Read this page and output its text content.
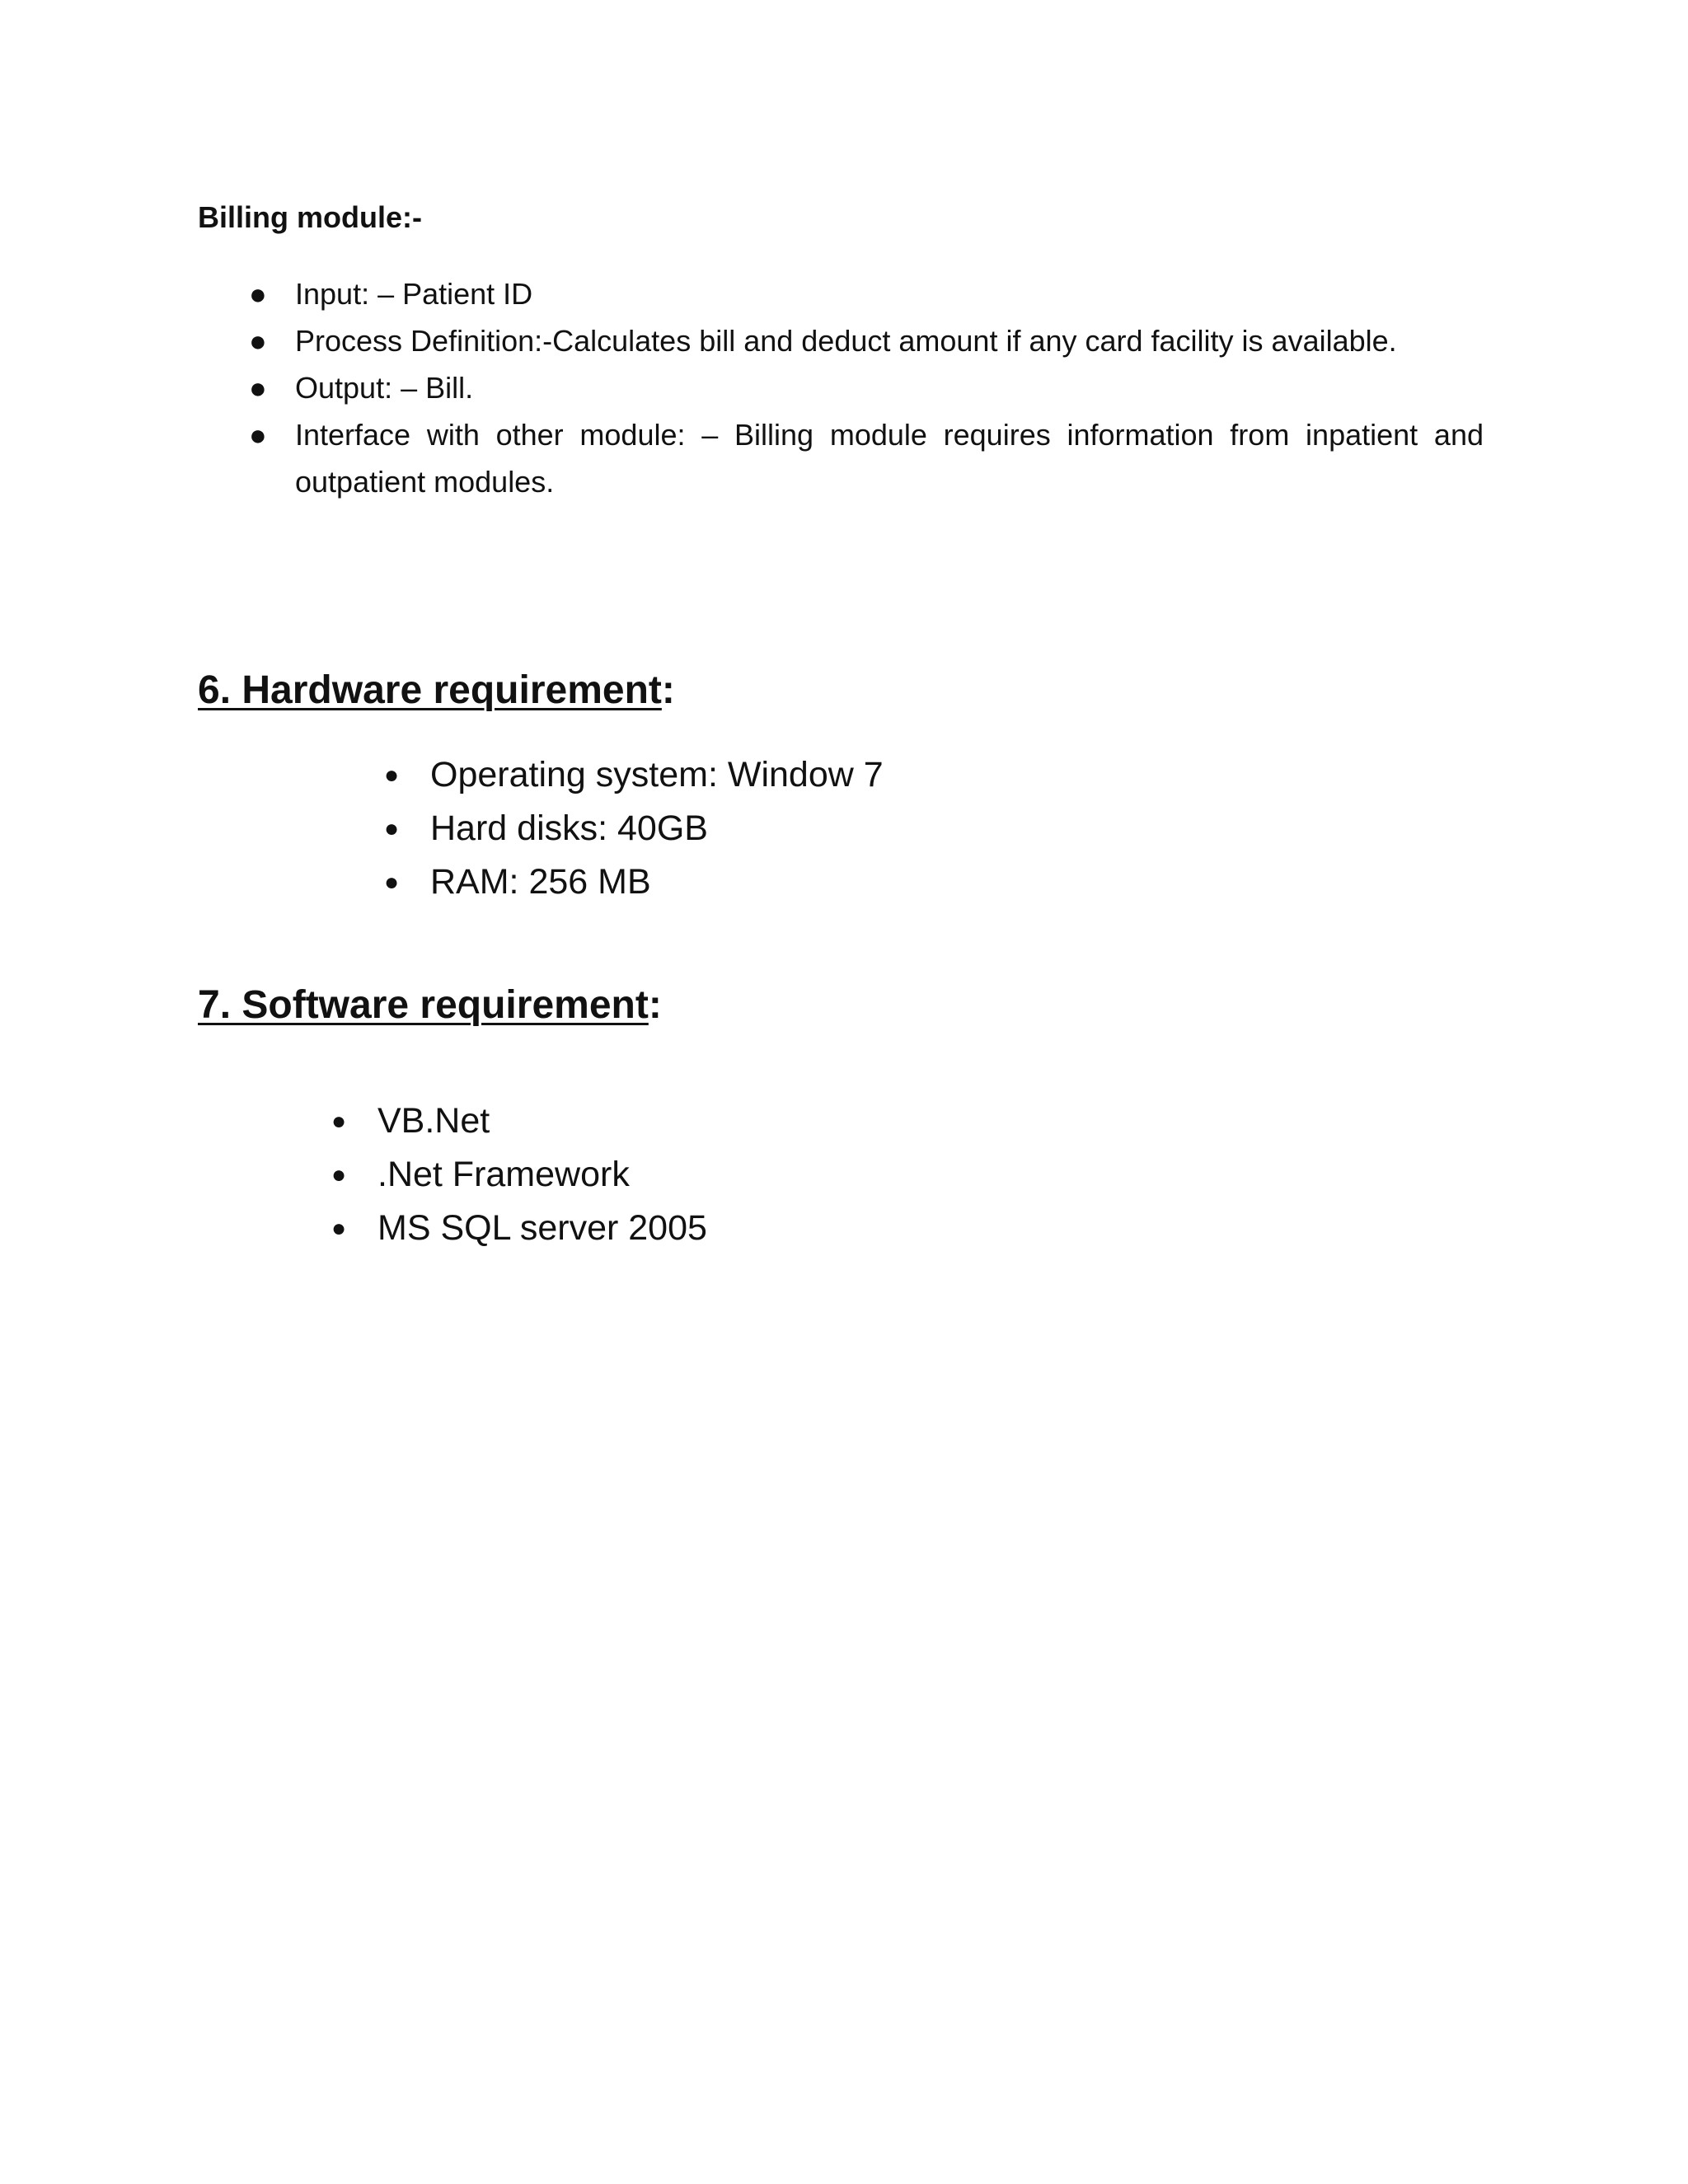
Billing module:-
● Input: – Patient ID
● Process Definition:-Calculates bill and deduct amount if any card facility is available.
● Output: – Bill.
● Interface with other module: – Billing module requires information from inpatient and outpatient modules.
6. Hardware requirement:
● Operating system: Window 7
● Hard disks: 40GB
● RAM: 256 MB
7. Software requirement:
● VB.Net
● .Net Framework
● MS SQL server 2005
